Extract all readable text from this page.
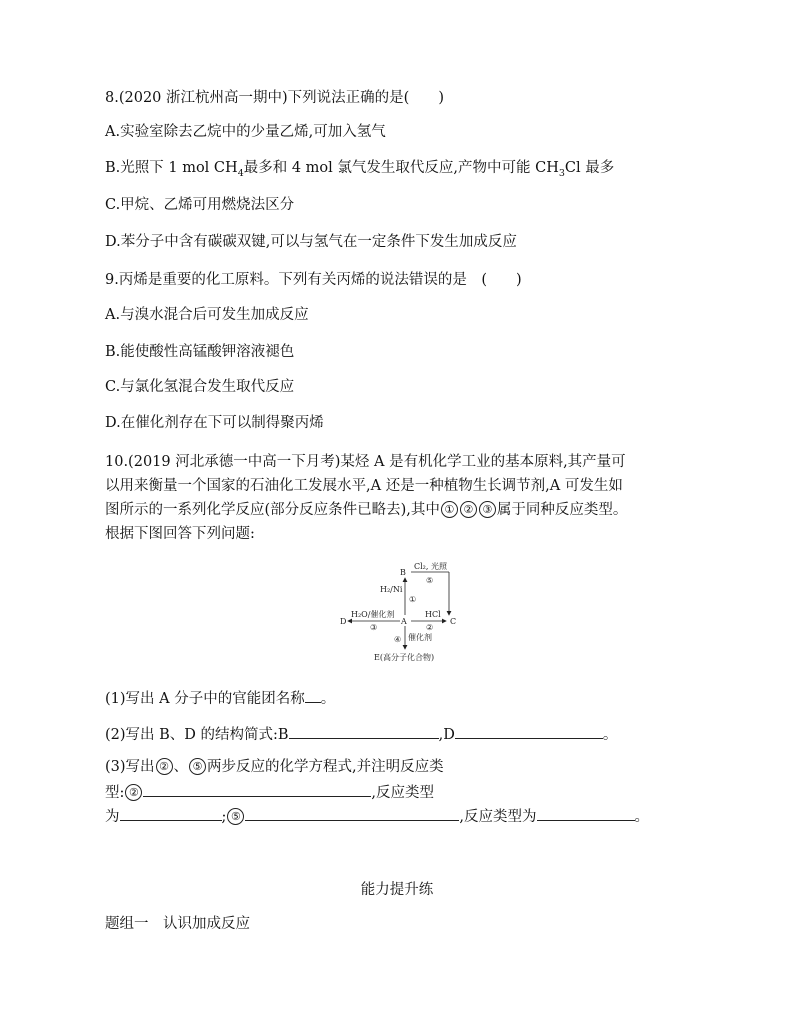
8.(2020 浙江杭州高一期中)下列说法正确的是(　　)
A.实验室除去乙烷中的少量乙烯,可加入氢气
B.光照下 1 mol $CH_4$最多和 4 mol 氯气发生取代反应,产物中可能 $CH_3Cl$ 最多
C.甲烷、乙烯可用燃烧法区分
D.苯分子中含有碳碳双键,可以与氢气在一定条件下发生加成反应
9.丙烯是重要的化工原料。下列有关丙烯的说法错误的是　(　　)
A.与溴水混合后可发生加成反应
B.能使酸性高锰酸钾溶液褪色
C.与氯化氢混合发生取代反应
D.在催化剂存在下可以制得聚丙烯
10.(2019 河北承德一中高一下月考)某烃 A 是有机化学工业的基本原料,其产量可
以用来衡量一个国家的石油化工发展水平,A 还是一种植物生长调节剂,A 可发生如
图所示的一系列化学反应(部分反应条件已略去),其中 ① ② ③ 属于同种反应类型。
根据下图回答下列问题:
B
A	C
D
E(高分子化合物)
Cl₂, 光照
⑤
H₂/Ni
①
H₂O/催化剂
③
HCl
②
④ 催化剂
(1)写出 A 分子中的官能团名称 。
(2)写出 B、D 的结构简式:B	,D	。
(3)写出 ② 、 ⑤ 两步反应的化学方程式,并注明反应类
型: ②	,反应类型
为	; ⑤	,反应类型为	。
能力提升练
题组一　认识加成反应
